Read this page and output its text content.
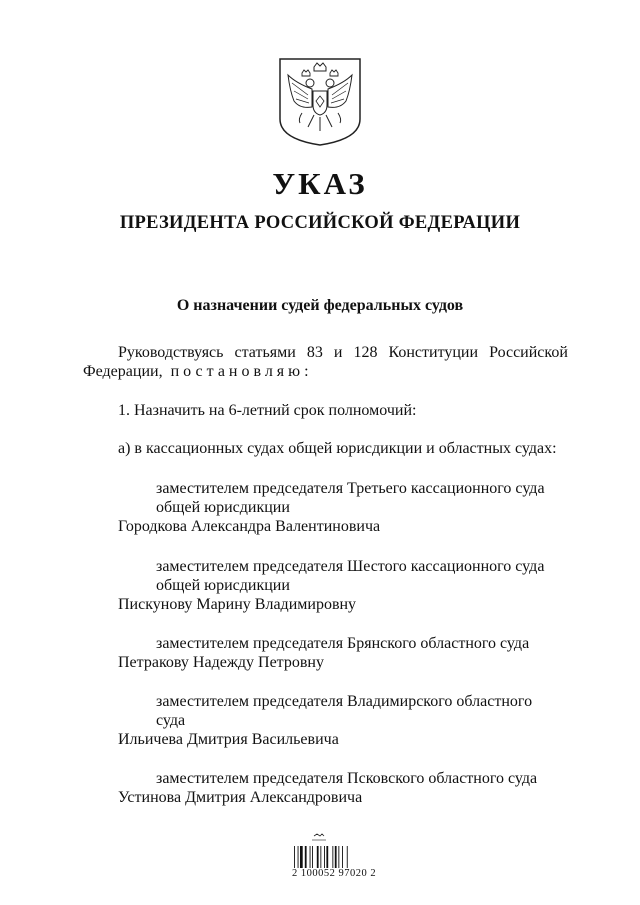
УКАЗ
ПРЕЗИДЕНТА РОССИЙСКОЙ ФЕДЕРАЦИИ
О назначении судей федеральных судов
Руководствуясь статьями 83 и 128 Конституции Российской
Федерации, постановляю:
1. Назначить на 6-летний срок полномочий:
а) в кассационных судах общей юрисдикции и областных судах:
заместителем председателя Третьего кассационного суда
общей юрисдикции
Городкова Александра Валентиновича
заместителем председателя Шестого кассационного суда
общей юрисдикции
Пискунову Марину Владимировну
заместителем председателя Брянского областного суда
Петракову Надежду Петровну
заместителем председателя Владимирского областного
суда
Ильичева Дмитрия Васильевича
заместителем председателя Псковского областного суда
Устинова Дмитрия Александровича
2 100052 97020 2
